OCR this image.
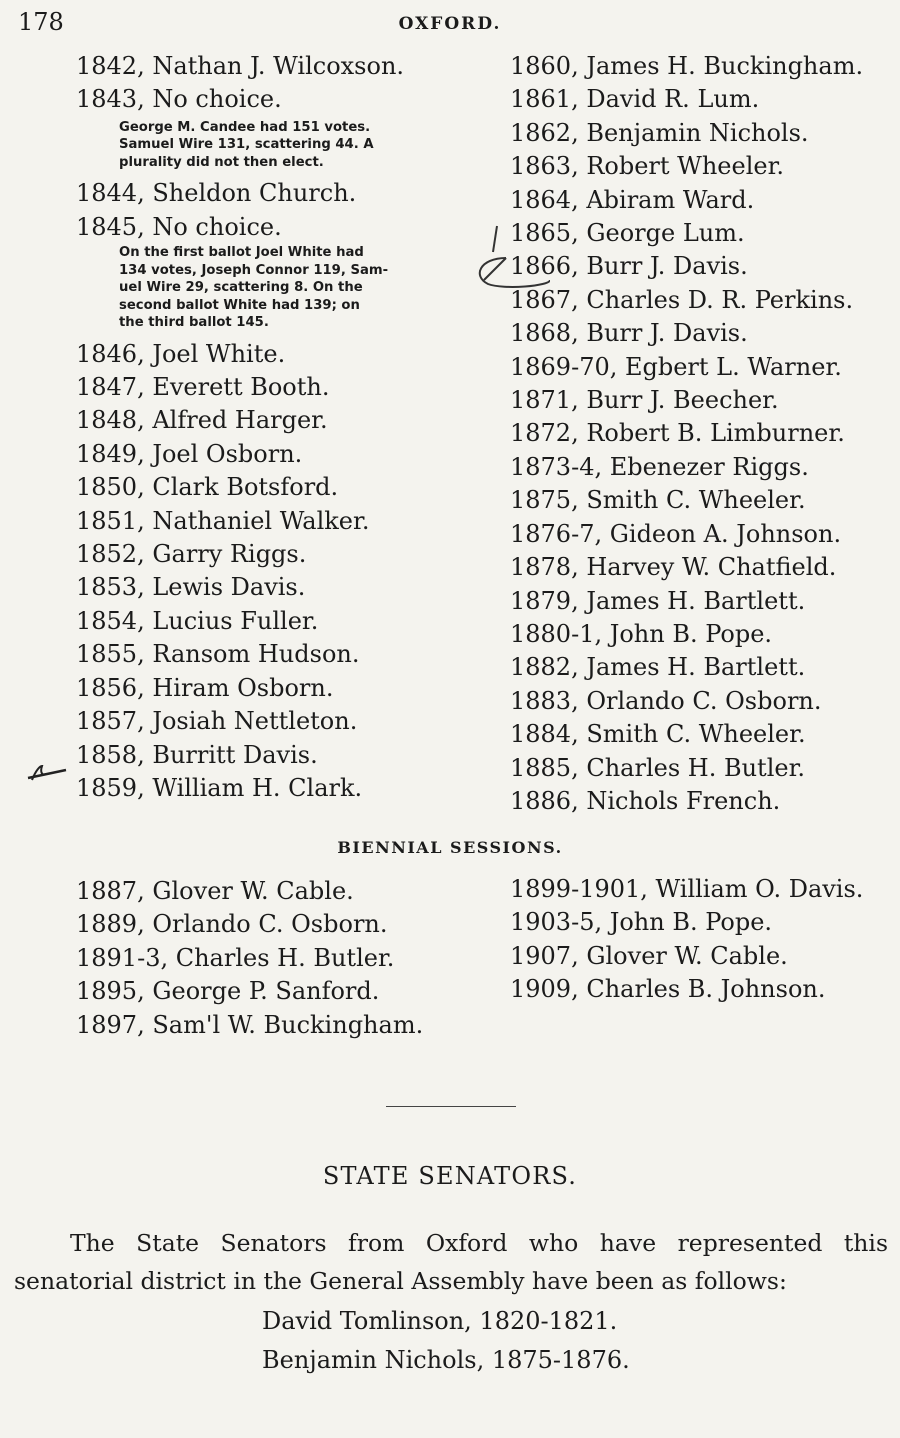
178	OXFORD.
1842, Nathan J. Wilcoxson.
1843, No choice.
George M. Candee had 151 votes.
Samuel Wire 131, scattering 44. A
plurality did not then elect.
1844, Sheldon Church.
1845, No choice.
On the first ballot Joel White had
134 votes, Joseph Connor 119, Sam-
uel Wire 29, scattering 8. On the
second ballot White had 139; on
the third ballot 145.
1846, Joel White.
1847, Everett Booth.
1848, Alfred Harger.
1849, Joel Osborn.
1850, Clark Botsford.
1851, Nathaniel Walker.
1852, Garry Riggs.
1853, Lewis Davis.
1854, Lucius Fuller.
1855, Ransom Hudson.
1856, Hiram Osborn.
1857, Josiah Nettleton.
1858, Burritt Davis.
1859, William H. Clark.
1860, James H. Buckingham.
1861, David R. Lum.
1862, Benjamin Nichols.
1863, Robert Wheeler.
1864, Abiram Ward.
1865, George Lum.
1866, Burr J. Davis.
1867, Charles D. R. Perkins.
1868, Burr J. Davis.
1869-70, Egbert L. Warner.
1871, Burr J. Beecher.
1872, Robert B. Limburner.
1873-4, Ebenezer Riggs.
1875, Smith C. Wheeler.
1876-7, Gideon A. Johnson.
1878, Harvey W. Chatfield.
1879, James H. Bartlett.
1880-1, John B. Pope.
1882, James H. Bartlett.
1883, Orlando C. Osborn.
1884, Smith C. Wheeler.
1885, Charles H. Butler.
1886, Nichols French.
BIENNIAL SESSIONS.
1887, Glover W. Cable.
1889, Orlando C. Osborn.
1891-3, Charles H. Butler.
1895, George P. Sanford.
1897, Sam'l W. Buckingham.
1899-1901, William O. Davis.
1903-5, John B. Pope.
1907, Glover W. Cable.
1909, Charles B. Johnson.
STATE SENATORS.
The State Senators from Oxford who have represented this
senatorial district in the General Assembly have been as follows:
David Tomlinson, 1820-1821.
Benjamin Nichols, 1875-1876.
